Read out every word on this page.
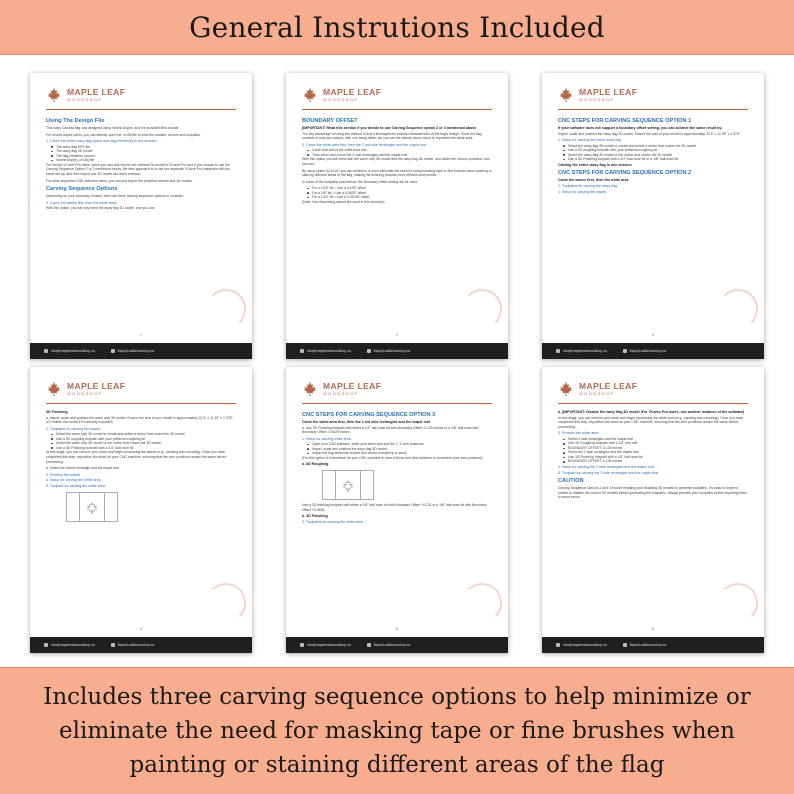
General Instrutions Included
MAPLE LEAF
WOODSHOP
Using The Design File
This wavy Canada flag was designed using Vectric Aspire, and the provided files include:
For Vectric Aspire users, you can directly open the .crv3d file to view the models, vectors and toolpaths.
1. Carve the entire wavy flag (wave and flag elements) in one session
The wavy flag EPS file
The wavy flag 3D model
The flag elements vectors
Vectric Aspire (.crv3d) file
For Vectric VCarve Pro users, since you can only import one external 3d model in VCarve Pro and if you choose to use the Carving Sequence Option 2 or 3 mentioned below, the best approach is to use two separate VCarve Pro instances with the same set up, and then import one 3D model into each instance.
For other supported CAD software users, you can just import the provided vectors and 3d models.
Carving Sequence Options
Depending on your colouring choices, there are three carving sequence options to consider:
2. Carve the waves first, then the white area
With this option, you will only need the wavy flag 3D model, and you can:
1
info@mapleleafwoodshop.ca	MapleLeafWoodshop.ca
MAPLE LEAF
WOODSHOP
BOUNDARY OFFSET
[IMPORTANT! Read this section if you decide to use Carving Sequence option 2 or 3 mentioned above
The key advantage of using this method is that it leverages the natural characteristics of the flag's design. Since the flag consists of only two colours, with one being white, we can use the natural wood colour to represent the white area.
3. Carve the white area first, then the 2 red side rectangles and the maple leaf
Carve and colour the white area first
Then carve and colour the 2 side rectangles and the maple leaf
With this option you will need both the wave only 3D model and the wavy flag 3D model, and utilize the vectors provided. And you can:
By using option #2 or #3, you can minimize or even eliminate the need for using masking tape or fine brushes when painting or staining different areas of the flag, making the finishing process more efficient and precise.
In some of the toolpaths used below, the Boundary offset setting will be used.
For a 1/16" bit = Use a 0.125" offset
For a 1/8" bit = Use a 0.0625" offset
For a 1/16" bit = Use a 0.03125" offset
(Note: Non-Machining values are used in this scenario)
2
info@mapleleafwoodshop.ca	MapleLeafWoodshop.ca
MAPLE LEAF
WOODSHOP
CNC STEPS FOR CARVING SEQUENCE OPTION 1
If your software does not support a boundary offset setting, you can achieve the same result by:
Import, scale and position the wavy flag 3D model. Ensure the size of your model is approximately 22.5" x 11.25" x 1.375"
1. Setup for carving the entire wavy flag
Select the wavy flag 3D model or create and select a vector that covers the 3D model
Use a 3D roughing toolpath with your preferred roughing bit
Select the wavy flag 3D model or the vector that covers the 3D model
Use a 3D Finishing toolpath with a 1/4" ball nose bit or a 1/8" ball nose bit
Carving the entire wavy flag in one session
CNC STEPS FOR CARVING SEQUENCE OPTION 2
Carve the waves first, then the white area
2. Toolpaths for carving the wavy flag
1. Setup for carving the waves
3
info@mapleleafwoodshop.ca	MapleLeafWoodshop.ca
MAPLE LEAF
WOODSHOP
3D Finishing
a. Import, scale and position the wave only 3D model. Ensure the size of your model is approximately 22.5" x 11.25" x 1.375". (Or enable the model if it's already imported)
2. Toolpaths for carving the waves
Select the wave only 3D model to create and select a vector that covers the 3D model
Use a 3D roughing toolpath with your preferred roughing bit
Select the wave only 3D model or the vector that covers the 3D model
Use a 3D Finishing toolpath with a 1/4" ball nose bit
At this stage, you can remove your stock and begin processing the waves (e.g., sanding and colouring). Once you have completed this step, reposition the stock on your CNC machine, ensuring that the zero positions remain the same before proceeding.
a. Select the centre rectangle and the maple leaf
3. Process the waves
4. Setup for carving the white area
5. Toolpath for carving the white area
4
info@mapleleafwoodshop.ca	MapleLeafWoodshop.ca
MAPLE LEAF
WOODSHOP
CNC STEPS FOR CARVING SEQUENCE OPTION 3
Carve the white area first, then the 2 red side rectangles and the maple leaf
b. Use 3D Finishing toolpath with either a 1/4" ball nose bit with Boundary Offset -0.125 inches or a 1/8" ball nose with Boundary Offset -0.0625 inches
1. Setup for carving white area
Open your CAD software, enter your stock size and the Y, Z zero positions.
Import, scale and position the wavy flag 3D model.
Import the flag elements vectors and centre everything to stock.
(For this option, it's beneficial for your CNC machine to have a fence and limit switches to remember your zero positions)
a. 3D Roughing
Use a 3D finishing toolpath with either a 1/4" ball nose bit with Boundary Offset +0.125 or a 1/8" ball nose bit with Boundary Offset +0.0625
b. 3D Finishing
2. Toolpaths for carving the white area
5
info@mapleleafwoodshop.ca	MapleLeafWoodshop.ca
MAPLE LEAF
WOODSHOP
a. [IMPORTANT: Disable the wavy flag 3D model (For VCarve Pro users, use another instance of the software)
At this stage, you can remove your stock and begin processing the white area (e.g., sanding and colouring). Once you have completed this step, reposition the stock on your CNC machine, ensuring that the zero positions remain the same before proceeding.
3. Process the white area
Select 2 side rectangles and the maple leaf
Use 3D Roughing toolpath with a 1/4" end mill
BOUNDARY OFFSET: 0.125 inches
Select the 2 side rectangles and the maple leaf
Use 3D Finishing toolpath with a 1/4" ball nose bit
BOUNDARY OFFSET: 0.125 inches
4. Setup for carving the 2 side rectangles and the maple leaf
5. Toolpath for carving the 2 side rectangles and the maple leaf
CAUTION
Carving Sequence Options 2 and 3 involve enabling and disabling 3D models to generate toolpaths. It's easy to forget to enable or disable the correct 3D models before generating the toolpaths. Always preview your toolpaths before exporting them to avoid errors.
6
info@mapleleafwoodshop.ca	MapleLeafWoodshop.ca

Includes three carving sequence options to help minimize or

eliminate the need for masking tape or fine brushes when

painting or staining different areas of the flag
